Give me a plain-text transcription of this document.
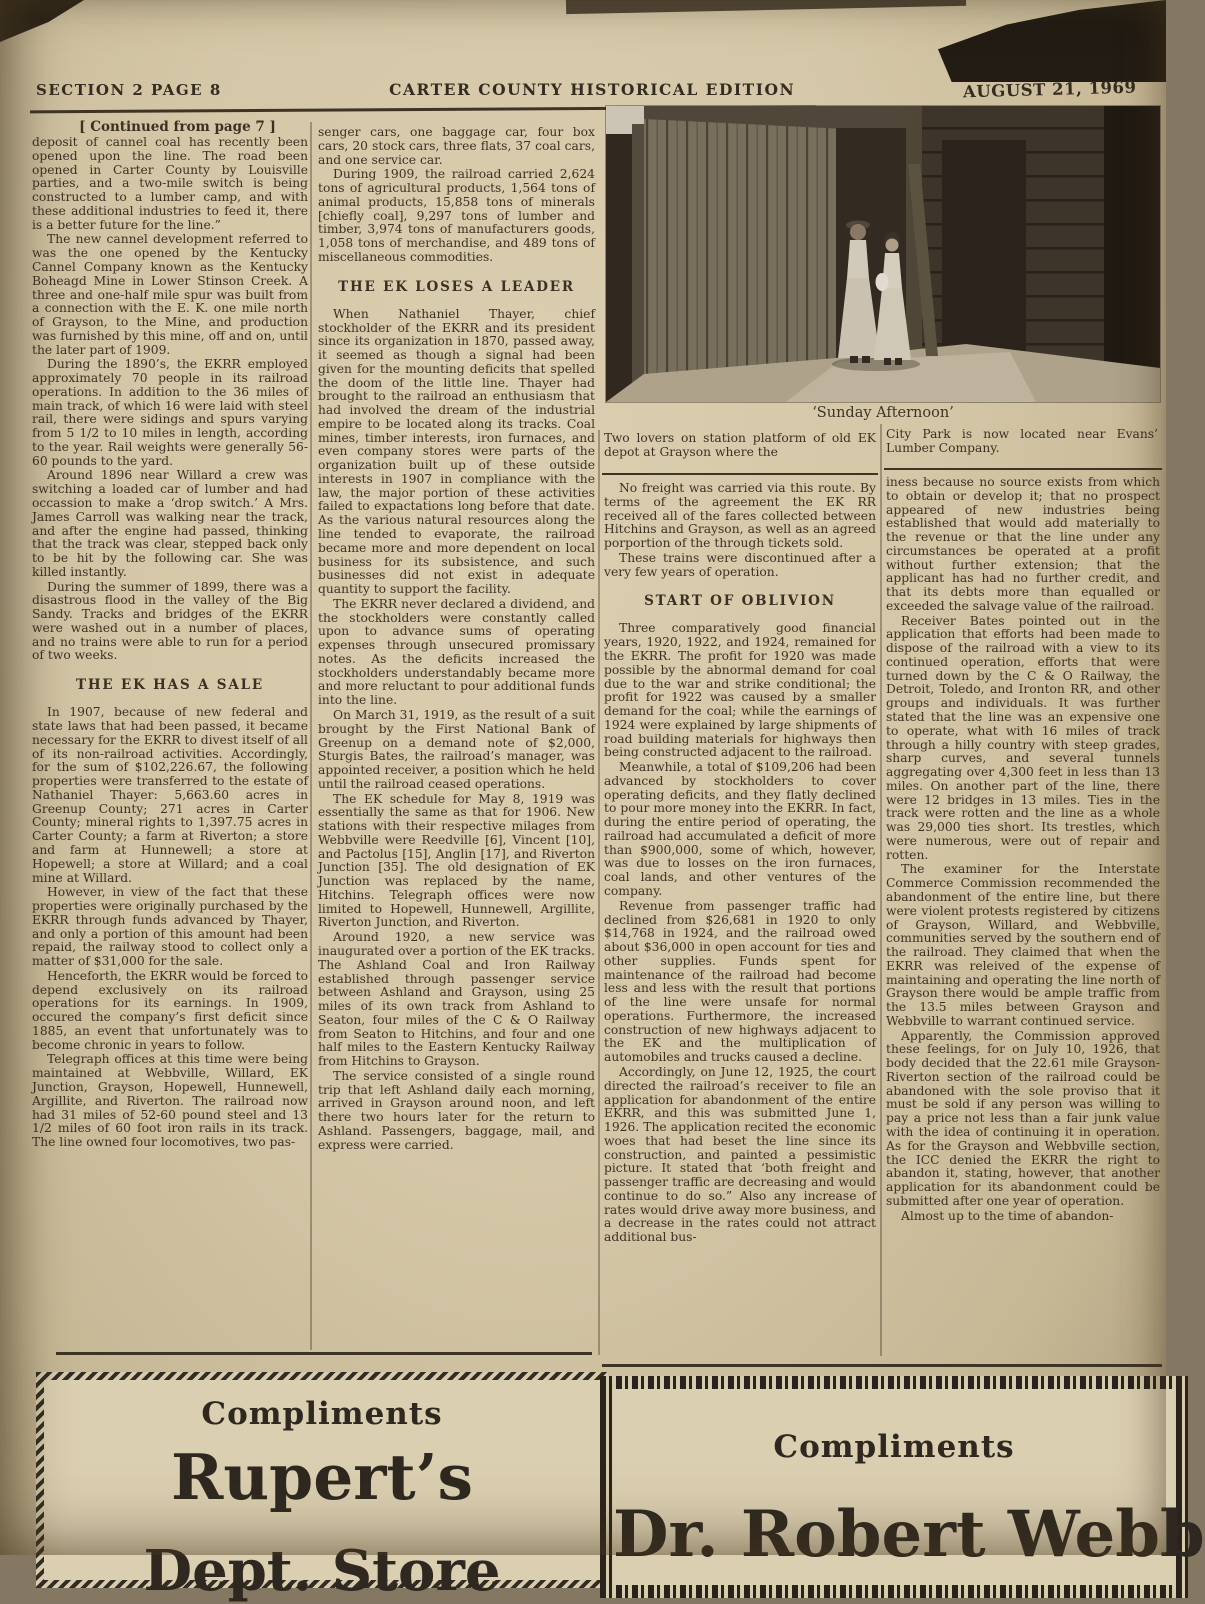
SECTION 2 PAGE 8	CARTER COUNTY HISTORICAL EDITION	AUGUST 21, 1969
‘Sunday Afternoon’
Two lovers on station platform of old EK depot at Grayson where the
City Park is now located near Evans’ Lumber Company.

[ Continued from page 7 ]

deposit of cannel coal has recently been opened upon the line. The road been opened in Carter County by Louisville parties, and a two-mile switch is being constructed to a lumber camp, and with these additional industries to feed it, there is a better future for the line.”

The new cannel development referred to was the one opened by the Kentucky Cannel Company known as the Kentucky Boheagd Mine in Lower Stinson Creek. A three and one-half mile spur was built from a connection with the E. K. one mile north of Grayson, to the Mine, and production was furnished by this mine, off and on, until the later part of 1909.

During the 1890’s, the EKRR employed approximately 70 people in its railroad operations. In addition to the 36 miles of main track, of which 16 were laid with steel rail, there were sidings and spurs varying from 5 1/2 to 10 miles in length, according to the year. Rail weights were generally 56-60 pounds to the yard.

Around 1896 near Willard a crew was switching a loaded car of lumber and had occassion to make a ‘drop switch.’ A Mrs. James Carroll was walking near the track, and after the engine had passed, thinking that the track was clear, stepped back only to be hit by the following car. She was killed instantly.

During the summer of 1899, there was a disastrous flood in the valley of the Big Sandy. Tracks and bridges of the EKRR were washed out in a number of places, and no trains were able to run for a period of two weeks.

THE EK HAS A SALE

In 1907, because of new federal and state laws that had been passed, it became necessary for the EKRR to divest itself of all of its non-railroad activities. Accordingly, for the sum of $102,226.67, the following properties were transferred to the estate of Nathaniel Thayer: 5,663.60 acres in Greenup County; 271 acres in Carter County; mineral rights to 1,397.75 acres in Carter County; a farm at Riverton; a store and farm at Hunnewell; a store at Hopewell; a store at Willard; and a coal mine at Willard.

However, in view of the fact that these properties were originally purchased by the EKRR through funds advanced by Thayer, and only a portion of this amount had been repaid, the railway stood to collect only a matter of $31,000 for the sale.

Henceforth, the EKRR would be forced to depend exclusively on its railroad operations for its earnings. In 1909, occured the company’s first deficit since 1885, an event that unfortunately was to become chronic in years to follow.

Telegraph offices at this time were being maintained at Webbville, Willard, EK Junction, Grayson, Hopewell, Hunnewell, Argillite, and Riverton. The railroad now had 31 miles of 52-60 pound steel and 13 1/2 miles of 60 foot iron rails in its track. The line owned four locomotives, two pas-

senger cars, one baggage car, four box cars, 20 stock cars, three flats, 37 coal cars, and one service car.

During 1909, the railroad carried 2,624 tons of agricultural products, 1,564 tons of animal products, 15,858 tons of minerals [chiefly coal], 9,297 tons of lumber and timber, 3,974 tons of manufacturers goods, 1,058 tons of merchandise, and 489 tons of miscellaneous commodities.

THE EK LOSES A LEADER

When Nathaniel Thayer, chief stockholder of the EKRR and its president since its organization in 1870, passed away, it seemed as though a signal had been given for the mounting deficits that spelled the doom of the little line. Thayer had brought to the railroad an enthusiasm that had involved the dream of the industrial empire to be located along its tracks. Coal mines, timber interests, iron furnaces, and even company stores were parts of the organization built up of these outside interests in 1907 in compliance with the law, the major portion of these activities failed to expactations long before that date. As the various natural resources along the line tended to evaporate, the railroad became more and more dependent on local business for its subsistence, and such businesses did not exist in adequate quantity to support the facility.

The EKRR never declared a dividend, and the stockholders were constantly called upon to advance sums of operating expenses through unsecured promissary notes. As the deficits increased the stockholders understandably became more and more reluctant to pour additional funds into the line.

On March 31, 1919, as the result of a suit brought by the First National Bank of Greenup on a demand note of $2,000, Sturgis Bates, the railroad’s manager, was appointed receiver, a position which he held until the railroad ceased operations.

The EK schedule for May 8, 1919 was essentially the same as that for 1906. New stations with their respective milages from Webbville were Reedville [6], Vincent [10], and Pactolus [15], Anglin [17], and Riverton Junction [35]. The old designation of EK Junction was replaced by the name, Hitchins. Telegraph offices were now limited to Hopewell, Hunnewell, Argillite, Riverton Junction, and Riverton.

Around 1920, a new service was inaugurated over a portion of the EK tracks. The Ashland Coal and Iron Railway established through passenger service between Ashland and Grayson, using 25 miles of its own track from Ashland to Seaton, four miles of the C & O Railway from Seaton to Hitchins, and four and one half miles to the Eastern Kentucky Railway from Hitchins to Grayson.

The service consisted of a single round trip that left Ashland daily each morning, arrived in Grayson around noon, and left there two hours later for the return to Ashland. Passengers, baggage, mail, and express were carried.

No freight was carried via this route. By terms of the agreement the EK RR received all of the fares collected between Hitchins and Grayson, as well as an agreed porportion of the through tickets sold.

These trains were discontinued after a very few years of operation.

START OF OBLIVION

Three comparatively good financial years, 1920, 1922, and 1924, remained for the EKRR. The profit for 1920 was made possible by the abnormal demand for coal due to the war and strike conditional; the profit for 1922 was caused by a smaller demand for the coal; while the earnings of 1924 were explained by large shipments of road building materials for highways then being constructed adjacent to the railroad.

Meanwhile, a total of $109,206 had been advanced by stockholders to cover operating deficits, and they flatly declined to pour more money into the EKRR. In fact, during the entire period of operating, the railroad had accumulated a deficit of more than $900,000, some of which, however, was due to losses on the iron furnaces, coal lands, and other ventures of the company.

Revenue from passenger traffic had declined from $26,681 in 1920 to only $14,768 in 1924, and the railroad owed about $36,000 in open account for ties and other supplies. Funds spent for maintenance of the railroad had become less and less with the result that portions of the line were unsafe for normal operations. Furthermore, the increased construction of new highways adjacent to the EK and the multiplication of automobiles and trucks caused a decline.

Accordingly, on June 12, 1925, the court directed the railroad’s receiver to file an application for abandonment of the entire EKRR, and this was submitted June 1, 1926. The application recited the economic woes that had beset the line since its construction, and painted a pessimistic picture. It stated that ‘both freight and passenger traffic are decreasing and would continue to do so.” Also any increase of rates would drive away more business, and a decrease in the rates could not attract additional bus-

iness because no source exists from which to obtain or develop it; that no prospect appeared of new industries being established that would add materially to the revenue or that the line under any circumstances be operated at a profit without further extension; that the applicant has had no further credit, and that its debts more than equalled or exceeded the salvage value of the railroad.

Receiver Bates pointed out in the application that efforts had been made to dispose of the railroad with a view to its continued operation, efforts that were turned down by the C & O Railway, the Detroit, Toledo, and Ironton RR, and other groups and individuals. It was further stated that the line was an expensive one to operate, what with 16 miles of track through a hilly country with steep grades, sharp curves, and several tunnels aggregating over 4,300 feet in less than 13 miles. On another part of the line, there were 12 bridges in 13 miles. Ties in the track were rotten and the line as a whole was 29,000 ties short. Its trestles, which were numerous, were out of repair and rotten.

The examiner for the Interstate Commerce Commission recommended the abandonment of the entire line, but there were violent protests registered by citizens of Grayson, Willard, and Webbville, communities served by the southern end of the railroad. They claimed that when the EKRR was releived of the expense of maintaining and operating the line north of Grayson there would be ample traffic from the 13.5 miles between Grayson and Webbville to warrant continued service.

Apparently, the Commission approved these feelings, for on July 10, 1926, that body decided that the 22.61 mile Grayson-Riverton section of the railroad could be abandoned with the sole proviso that it must be sold if any person was willing to pay a price not less than a fair junk value with the idea of continuing it in operation. As for the Grayson and Webbville section, the ICC denied the EKRR the right to abandon it, stating, however, that another application for its abandonment could be submitted after one year of operation.

Almost up to the time of abandon-

Compliments
Rupert’s
Dept. Store
Compliments
Dr. Robert Webb
